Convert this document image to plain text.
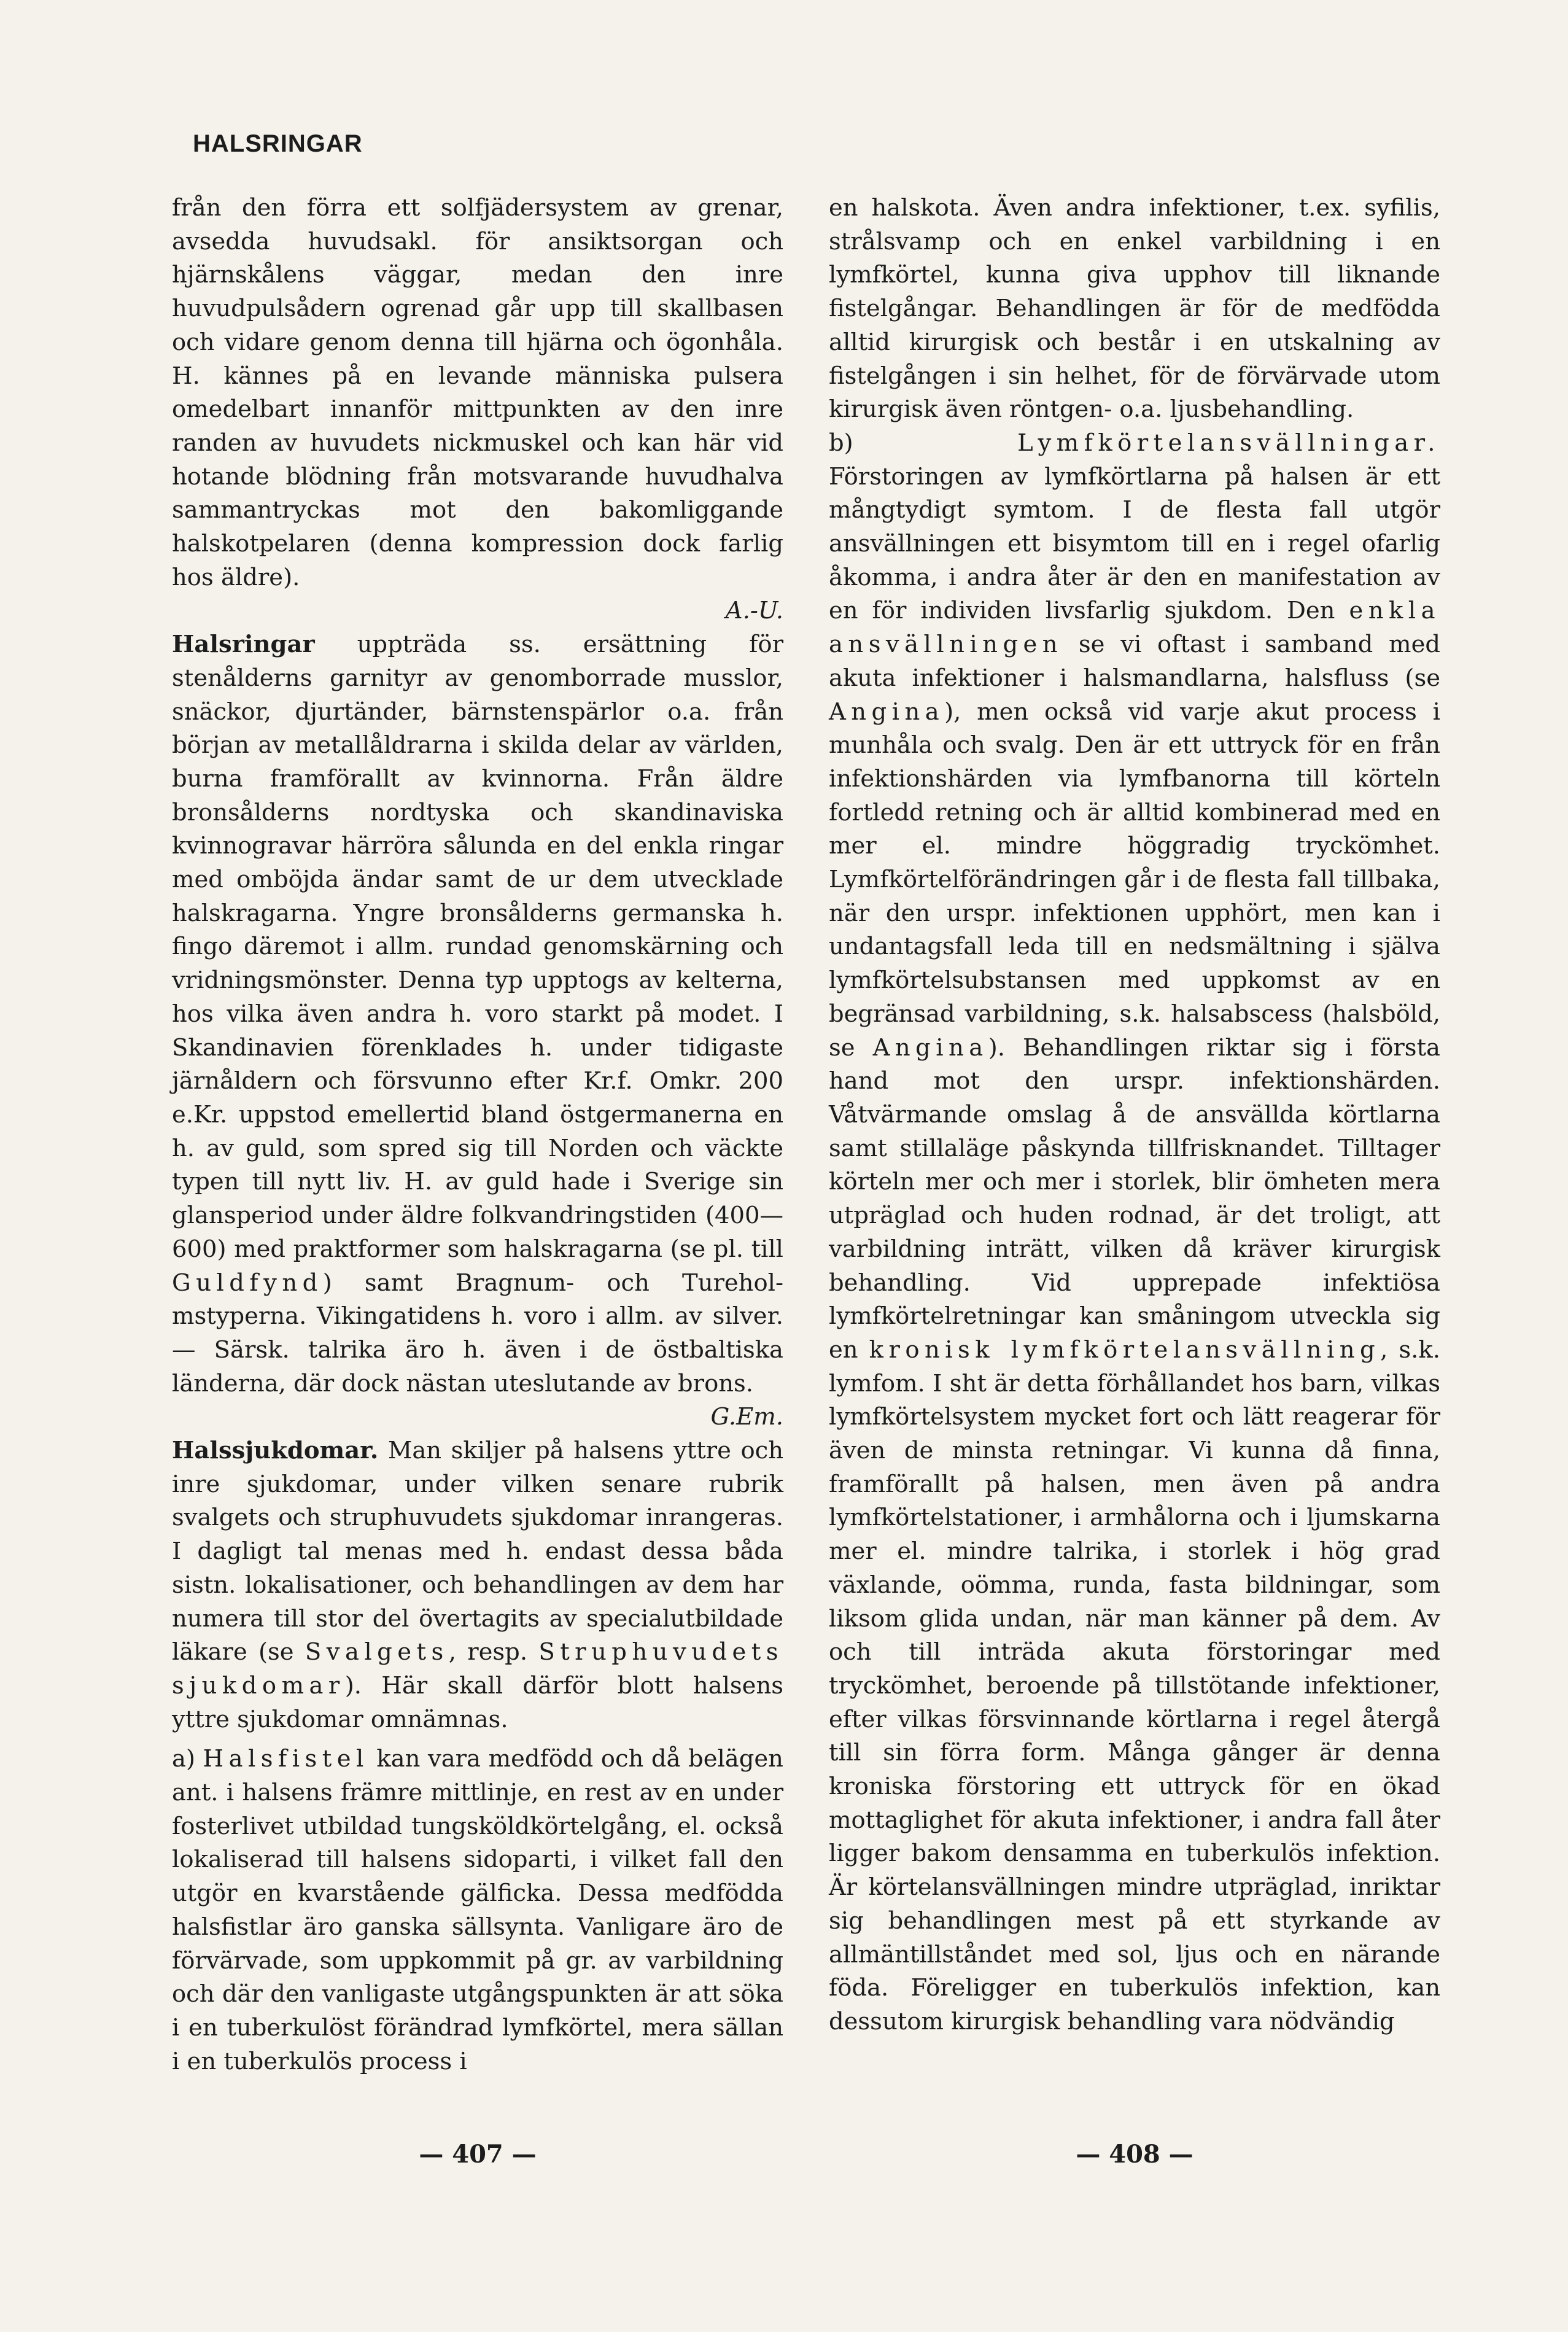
HALSRINGAR

från den förra ett solfjädersystem av grenar, avsedda huvudsakl. för ansiktsorgan och hjärnskålens väggar, medan den inre huvudpulsådern ogrenad går upp till skallbasen och vidare genom denna till hjärna och ögonhåla. H. kännes på en levande människa pulsera omedelbart innanför mittpunkten av den inre randen av huvudets nickmuskel och kan här vid hotande blödning från motsvarande huvudhalva sammantryckas mot den bakomliggande halskotpelaren (denna kompression dock farlig hos äldre).
A.-U.

Halsringar uppträda ss. ersättning för stenålderns garnityr av genomborrade musslor, snäckor, djurtänder, bärnstenspärlor o.a. från början av metallåldrarna i skilda delar av världen, burna framförallt av kvinnorna. Från äldre bronsålderns nordtyska och skandinaviska kvinnogravar härröra sålunda en del enkla ringar med omböjda ändar samt de ur dem utvecklade halskragarna. Yngre bronsålderns germanska h. fingo däremot i allm. rundad genomskärning och vridningsmönster. Denna typ upptogs av kelterna, hos vilka även andra h. voro starkt på modet. I Skandinavien förenklades h. under tidigaste järnåldern och försvunno efter Kr.f. Omkr. 200 e.Kr. uppstod emellertid bland östgermanerna en h. av guld, som spred sig till Norden och väckte typen till nytt liv. H. av guld hade i Sverige sin glansperiod under äldre folkvandringstiden (400—600) med praktformer som halskragarna (se pl. till Guldfynd) samt Bragnum- och Tureholmstyperna. Vikingatidens h. voro i allm. av silver. — Särsk. talrika äro h. även i de östbaltiska länderna, där dock nästan uteslutande av brons.
G.Em.

Halssjukdomar. Man skiljer på halsens yttre och inre sjukdomar, under vilken senare rubrik svalgets och struphuvudets sjukdomar inrangeras. I dagligt tal menas med h. endast dessa båda sistn. lokalisationer, och behandlingen av dem har numera till stor del övertagits av specialutbildade läkare (se Svalgets, resp. Struphuvudets sjukdomar). Här skall därför blott halsens yttre sjukdomar omnämnas.

a) Halsfistel kan vara medfödd och då belägen ant. i halsens främre mittlinje, en rest av en under fosterlivet utbildad tungsköldkörtelgång, el. också lokaliserad till halsens sidoparti, i vilket fall den utgör en kvarstående gälficka. Dessa medfödda halsfistlar äro ganska sällsynta. Vanligare äro de förvärvade, som uppkommit på gr. av varbildning och där den vanligaste utgångspunkten är att söka i en tuberkulöst förändrad lymfkörtel, mera sällan i en tuberkulös process i

en halskota. Även andra infektioner, t.ex. syfilis, strålsvamp och en enkel varbildning i en lymfkörtel, kunna giva upphov till liknande fistelgångar. Behandlingen är för de medfödda alltid kirurgisk och består i en utskalning av fistelgången i sin helhet, för de förvärvade utom kirurgisk även röntgen- o.a. ljusbehandling.

b)	Lymfkörtelansvällningar. Förstoringen av lymfkörtlarna på halsen är ett mångtydigt symtom. I de flesta fall utgör ansvällningen ett bisymtom till en i regel ofarlig åkomma, i andra åter är den en manifestation av en för individen livsfarlig sjukdom. Den enkla ansvällningen se vi oftast i samband med akuta infektioner i halsmandlarna, halsfluss (se Angina), men också vid varje akut process i munhåla och svalg. Den är ett uttryck för en från infektionshärden via lymfbanorna till körteln fortledd retning och är alltid kombinerad med en mer el. mindre höggradig tryckömhet. Lymfkörtelförändringen går i de flesta fall tillbaka, när den urspr. infektionen upphört, men kan i undantagsfall leda till en nedsmältning i själva lymfkörtelsubstansen med uppkomst av en begränsad varbildning, s.k. halsabscess (halsböld, se Angina). Behandlingen riktar sig i första hand mot den urspr. infektionshärden. Våtvärmande omslag å de ansvällda körtlarna samt stillaläge påskynda tillfrisknandet. Tilltager körteln mer och mer i storlek, blir ömheten mera utpräglad och huden rodnad, är det troligt, att varbildning inträtt, vilken då kräver kirurgisk behandling. Vid upprepade infektiösa lymfkörtelretningar kan småningom utveckla sig en kronisk lymfkörtelansvällning, s.k. lymfom. I sht är detta förhållandet hos barn, vilkas lymfkörtelsystem mycket fort och lätt reagerar för även de minsta retningar. Vi kunna då finna, framförallt på halsen, men även på andra lymfkörtelstationer, i armhålorna och i ljumskarna mer el. mindre talrika, i storlek i hög grad växlande, oömma, runda, fasta bildningar, som liksom glida undan, när man känner på dem. Av och till inträda akuta förstoringar med tryckömhet, beroende på tillstötande infektioner, efter vilkas försvinnande körtlarna i regel återgå till sin förra form. Många gånger är denna kroniska förstoring ett uttryck för en ökad mottaglighet för akuta infektioner, i andra fall åter ligger bakom densamma en tuberkulös infektion. Är körtelansvällningen mindre utpräglad, inriktar sig behandlingen mest på ett styrkande av allmäntillståndet med sol, ljus och en närande föda. Föreligger en tuberkulös infektion, kan dessutom kirurgisk behandling vara nödvändig

— 407 —	— 408 —
